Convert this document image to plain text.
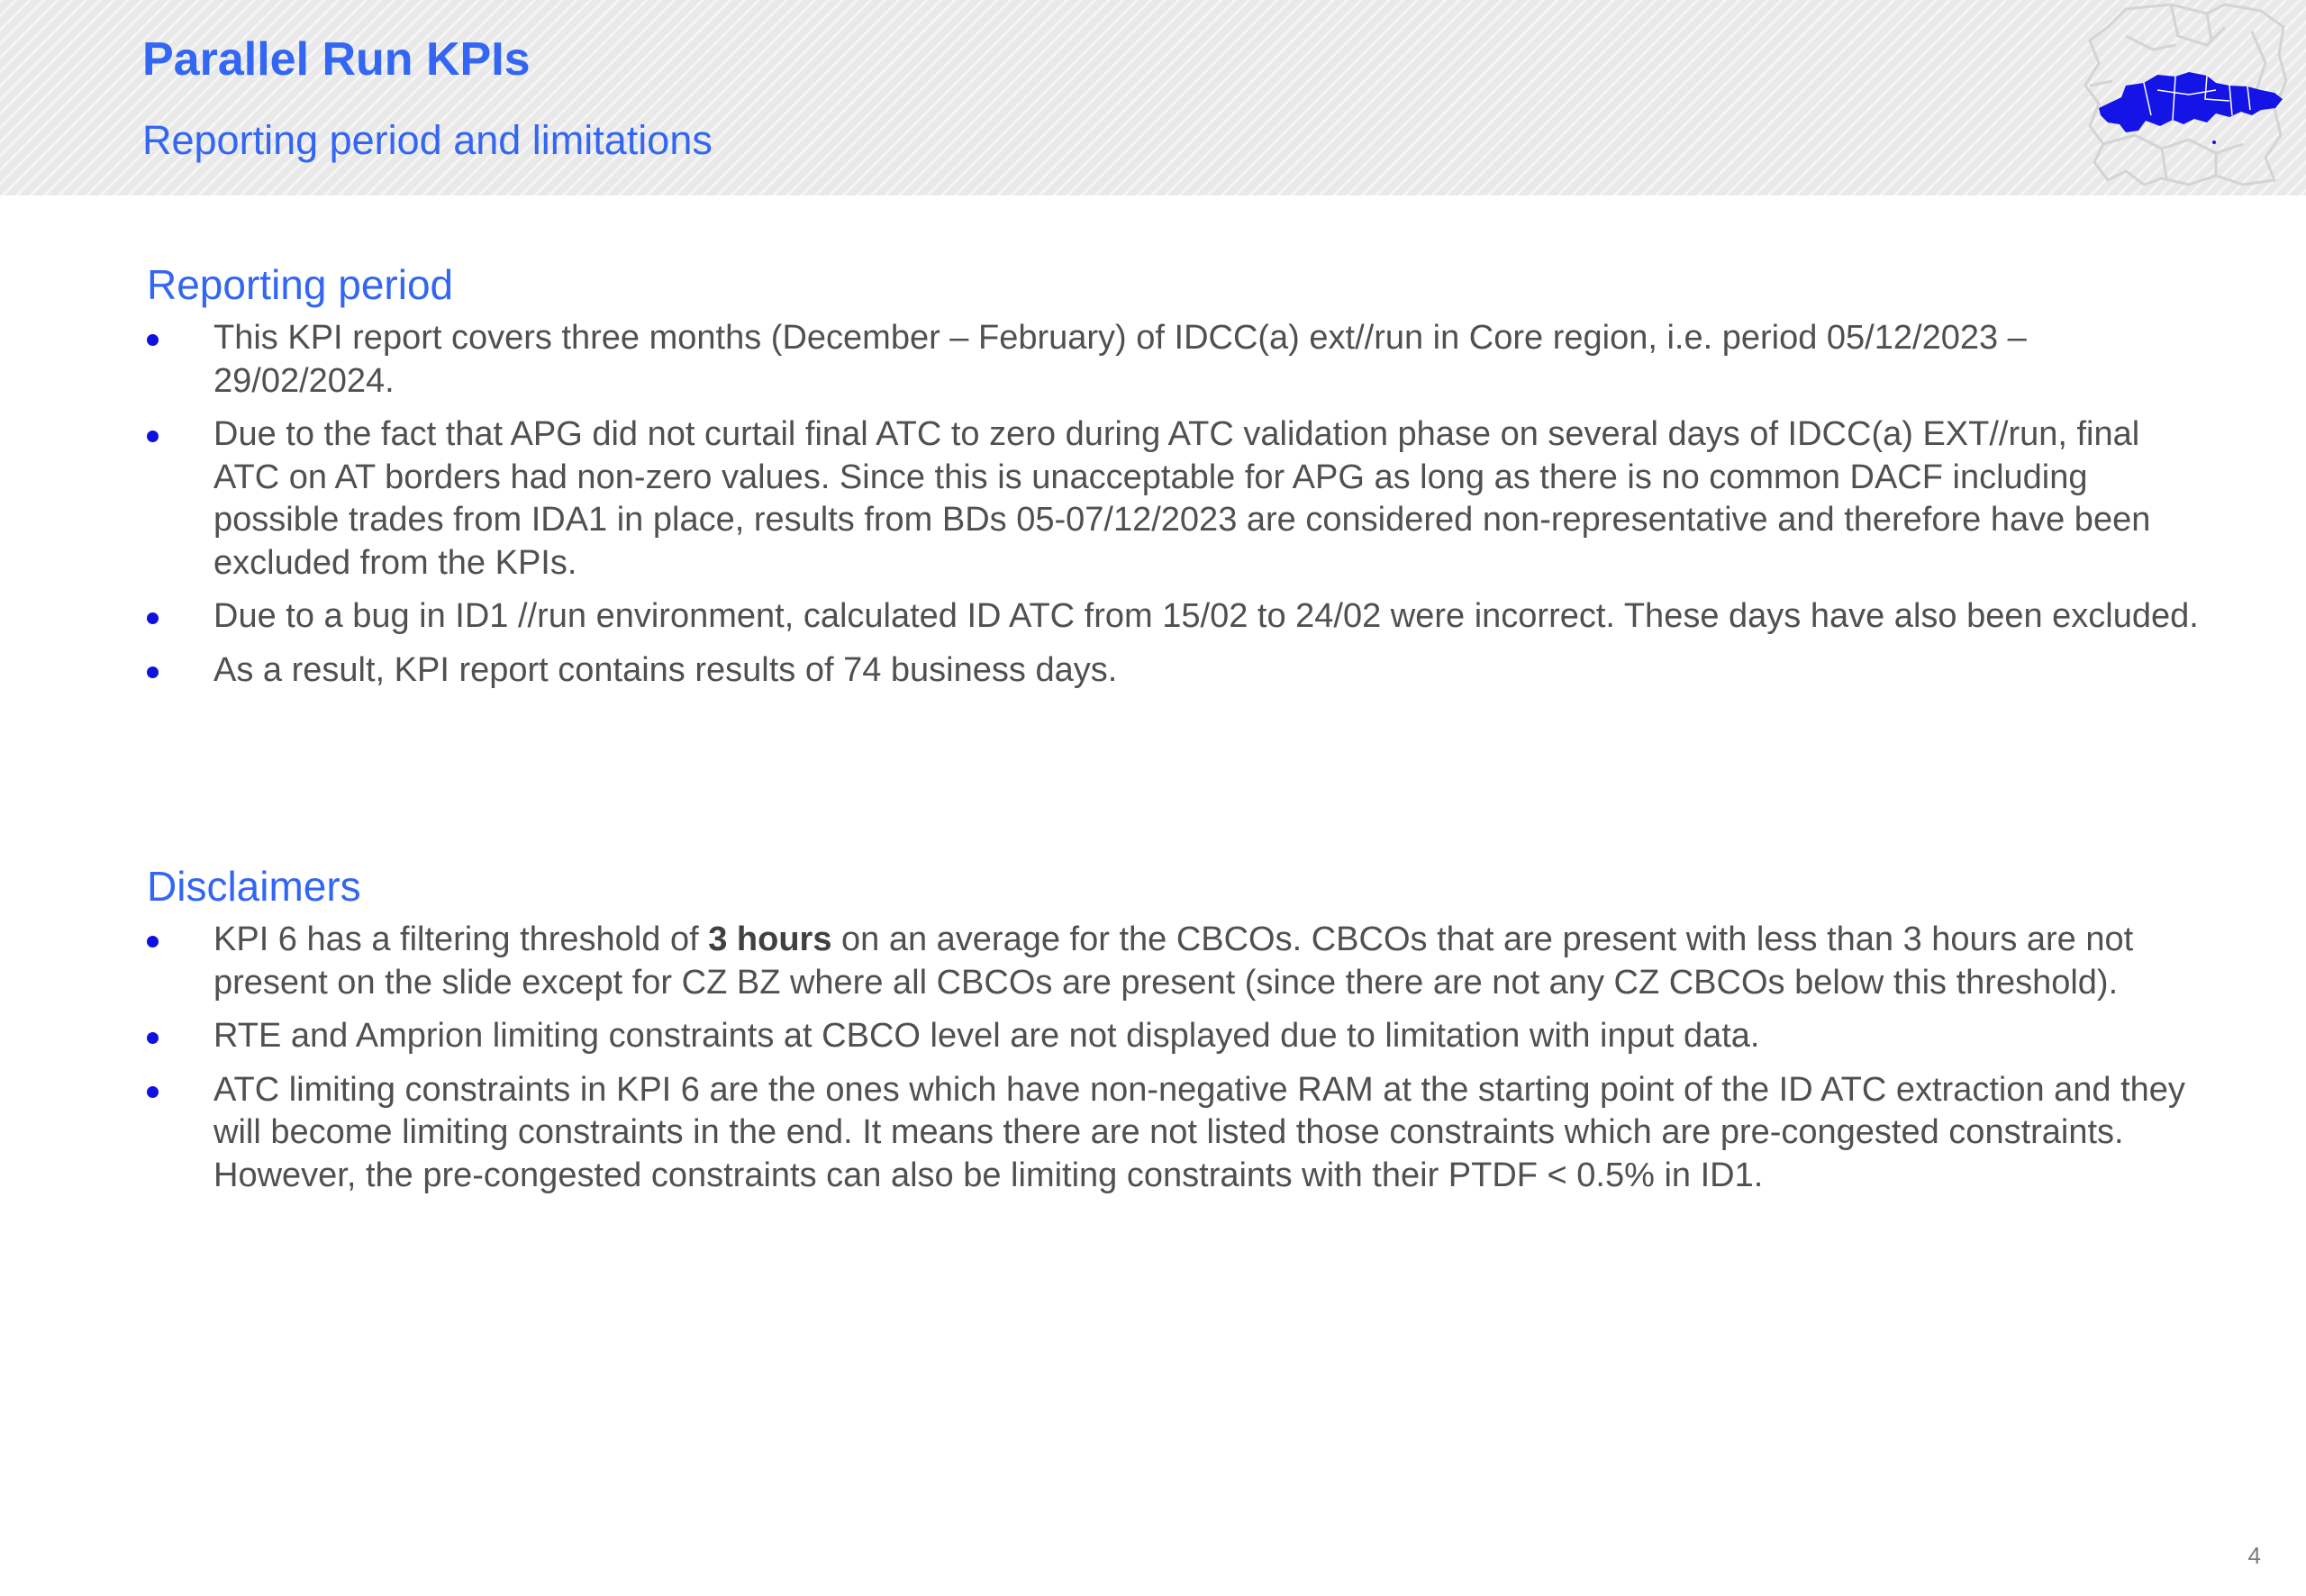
Parallel Run KPIs
Reporting period and limitations
Reporting period
This KPI report covers three months (December – February) of IDCC(a) ext//run in Core region, i.e. period 05/12/2023 – 29/02/2024.
Due to the fact that APG did not curtail final ATC to zero during ATC validation phase on several days of IDCC(a) EXT//run, final ATC on AT borders had non-zero values. Since this is unacceptable for APG as long as there is no common DACF including possible trades from IDA1 in place, results from BDs 05-07/12/2023 are considered non-representative and therefore have been excluded from the KPIs.
Due to a bug in ID1 //run environment, calculated ID ATC from 15/02 to 24/02 were incorrect. These days have also been excluded.
As a result, KPI report contains results of 74 business days.
Disclaimers
KPI 6 has a filtering threshold of 3 hours on an average for the CBCOs. CBCOs that are present with less than 3 hours are not present on the slide except for CZ BZ where all CBCOs are present (since there are not any CZ CBCOs below this threshold).
RTE and Amprion limiting constraints at CBCO level are not displayed due to limitation with input data.
ATC limiting constraints in KPI 6 are the ones which have non-negative RAM at the starting point of the ID ATC extraction and they will become limiting constraints in the end. It means there are not listed those constraints which are pre-congested constraints. However, the pre-congested constraints can also be limiting constraints with their PTDF < 0.5% in ID1.
4
